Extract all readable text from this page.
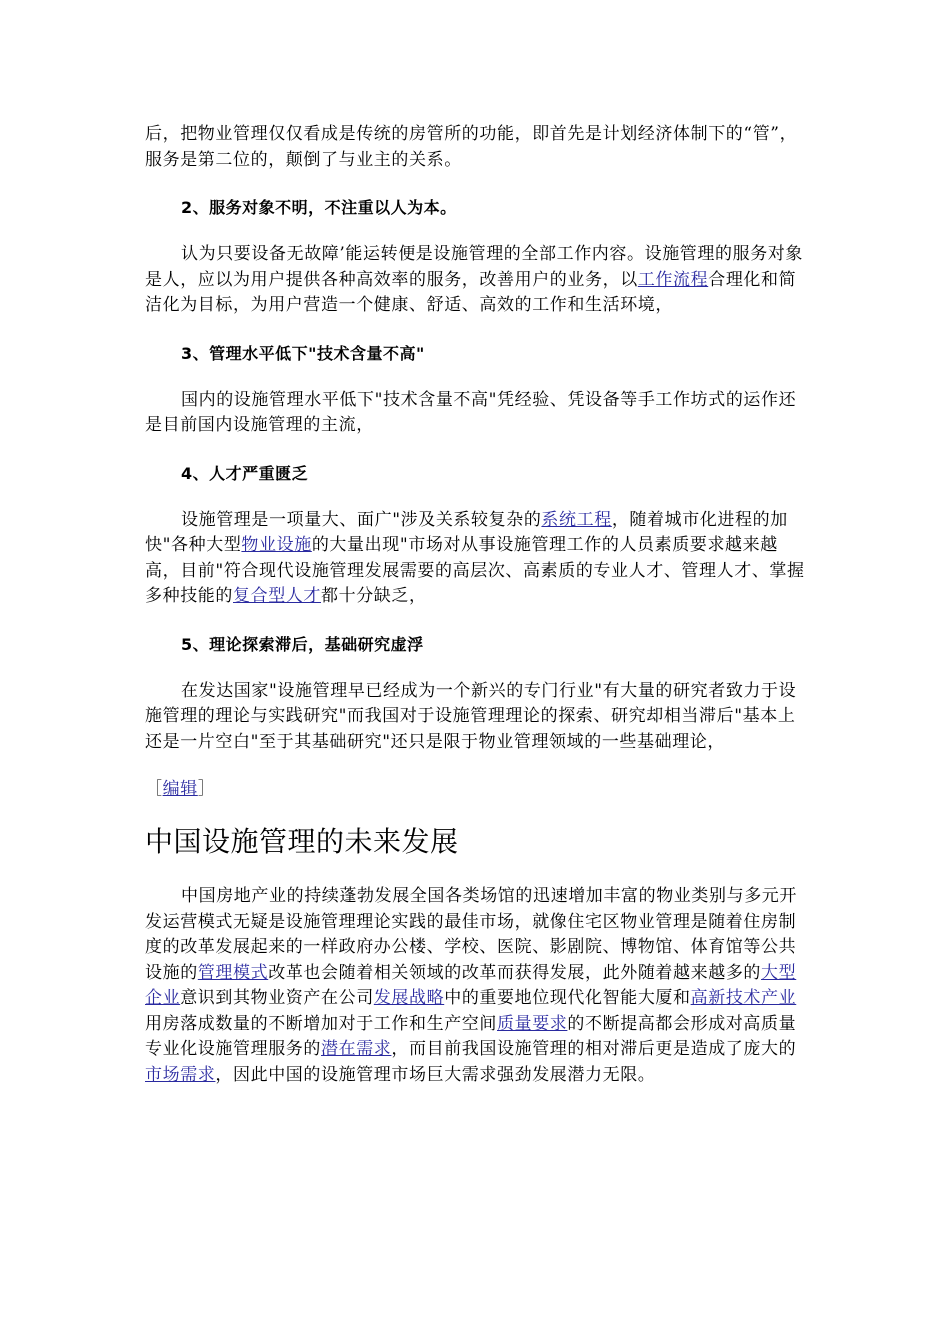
后，把物业管理仅仅看成是传统的房管所的功能，即首先是计划经济体制下的“管”，服务是第二位的，颠倒了与业主的关系。

2、服务对象不明，不注重以人为本。

认为只要设备无故障’能运转便是设施管理的全部工作内容。设施管理的服务对象是人，应以为用户提供各种高效率的服务，改善用户的业务，以工作流程合理化和简洁化为目标，为用户营造一个健康、舒适、高效的工作和生活环境，

3、管理水平低下"技术含量不高"

国内的设施管理水平低下"技术含量不高"凭经验、凭设备等手工作坊式的运作还是目前国内设施管理的主流，

4、人才严重匮乏

设施管理是一项量大、面广"涉及关系较复杂的系统工程，随着城市化进程的加快"各种大型物业设施的大量出现"市场对从事设施管理工作的人员素质要求越来越高，目前"符合现代设施管理发展需要的高层次、高素质的专业人才、管理人才、掌握多种技能的复合型人才都十分缺乏，

5、理论探索滞后，基础研究虚浮

在发达国家"设施管理早已经成为一个新兴的专门行业"有大量的研究者致力于设施管理的理论与实践研究"而我国对于设施管理理论的探索、研究却相当滞后"基本上还是一片空白"至于其基础研究"还只是限于物业管理领域的一些基础理论，

［编辑］

中国设施管理的未来发展

中国房地产业的持续蓬勃发展全国各类场馆的迅速增加丰富的物业类别与多元开发运营模式无疑是设施管理理论实践的最佳市场，就像住宅区物业管理是随着住房制度的改革发展起来的一样政府办公楼、学校、医院、影剧院、博物馆、体育馆等公共设施的管理模式改革也会随着相关领域的改革而获得发展，此外随着越来越多的大型企业意识到其物业资产在公司发展战略中的重要地位现代化智能大厦和高新技术产业用房落成数量的不断增加对于工作和生产空间质量要求的不断提高都会形成对高质量专业化设施管理服务的潜在需求，而目前我国设施管理的相对滞后更是造成了庞大的市场需求，因此中国的设施管理市场巨大需求强劲发展潜力无限。
